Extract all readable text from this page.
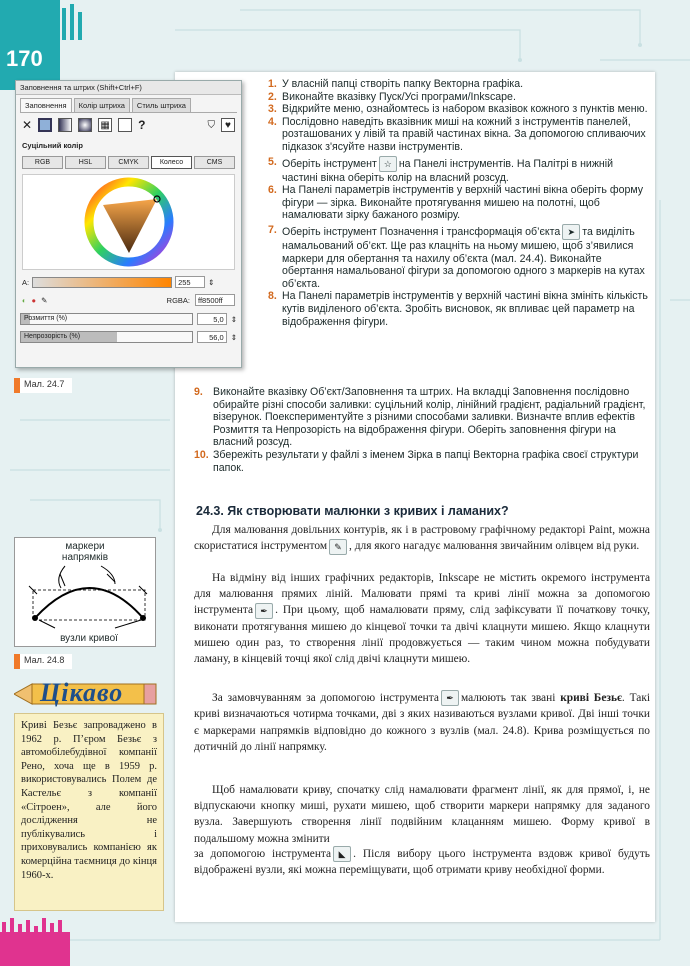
170
Заповнення та штрих (Shift+Ctrl+F)
Заповнення	Колір штриха	Стиль штриха
✕	▦ ?	⛉	♥
Суцільний колір
RGB	HSL	CMYK	Колесо	CMS
A:	255	⇕
◐ ● ✎	RGBA:	ff8500ff
Розмиття (%)	5,0 ⇕
Непрозорість (%)	56,0 ⇕
Мал. 24.7
маркери напрямків
вузли кривої
Мал. 24.8
Цікаво
Криві Безьє запроваджено в 1962 р. П’єром Безьє з автомобілебудівної компанії Рено, хоча ще в 1959 р. використовувались Полем де Кастельє з компанії «Сітроен», але його дослідження не публікувались і приховувались компанією як комерційна таємниця до кінця 1960-х.
1. У власній папці створіть папку Векторна графіка.
2. Виконайте вказівку Пуск/Усі програми/Inkscape.
3. Відкрийте меню, ознайомтесь із набором вказівок кожного з пунктів меню.
4. Послідовно наведіть вказівник миші на кожний з інструментів панелей, розташованих у лівій та правій частинах вікна. За допомогою спливаючих підказок з'ясуйте назви інструментів.
5. Оберіть інструмент ☆ на Панелі інструментів. На Палітрі в нижній частині вікна оберіть колір на власний розсуд.
6. На Панелі параметрів інструментів у верхній частині вікна оберіть форму фігури — зірка. Виконайте протягування мишею на полотні, щоб намалювати зірку бажаного розміру.
7. Оберіть інструмент Позначення і трансформація об’єкта ➤ та виділіть намальований об’єкт. Ще раз клацніть на ньому мишею, щоб з’явилися маркери для обертання та нахилу об’єкта (мал. 24.4). Виконайте обертання намальованої фігури за допомогою одного з маркерів на кутах об’єкта.
8. На Панелі параметрів інструментів у верхній частині вікна змініть кількість кутів виділеного об’єкта. Зробіть висновок, як впливає цей параметр на відображення фігури.
9. Виконайте вказівку Об’єкт/Заповнення та штрих. На вкладці Заповнення послідовно обирайте різні способи заливки: суцільний колір, лінійний градієнт, радіальний градієнт, візерунок. Поекспериментуйте з різними способами заливки. Визначте вплив ефектів Розмиття та Непрозорість на відображення фігури. Оберіть заповнення фігури на власний розсуд.
10. Збережіть результати у файлі з іменем Зірка в папці Векторна графіка своєї структури папок.
24.3. Як створювати малюнки з кривих і ламаних?
Для малювання довільних контурів, як і в растровому графічному редакторі Paint, можна скористатися інструментом ✎ , для якого нагадує малювання звичайним олівцем від руки.
На відміну від інших графічних редакторів, Inkscape не містить окремого інструмента для малювання прямих ліній. Малювати прямі та криві лінії можна за допомогою інструмента ✒ . При цьому, щоб намалювати пряму, слід зафіксувати її початкову точку, виконати протягування мишею до кінцевої точки та двічі клацнути мишею. Якщо клацнути мишею один раз, то створення лінії продовжується — таким чином можна побудувати ламану, в кінцевій точці якої слід двічі клацнути мишею.
За замовчуванням за допомогою інструмента ✒ малюють так звані криві Безьє. Такі криві визначаються чотирма точками, дві з яких називаються вузлами кривої. Дві інші точки є маркерами напрямків відповідно до кожного з вузлів (мал. 24.8). Крива розміщується по дотичній до лінії напрямку.
Щоб намалювати криву, спочатку слід намалювати фрагмент лінії, як для прямої, і, не відпускаючи кнопку миші, рухати мишею, щоб створити маркери напрямку для заданого вузла. Завершують створення лінії подвійним клацанням мишею. Форму кривої в подальшому можна змінити
за допомогою інструмента ◣ . Після вибору цього інструмента вздовж кривої будуть відображені вузли, які можна переміщувати, щоб отримати криву необхідної форми.
